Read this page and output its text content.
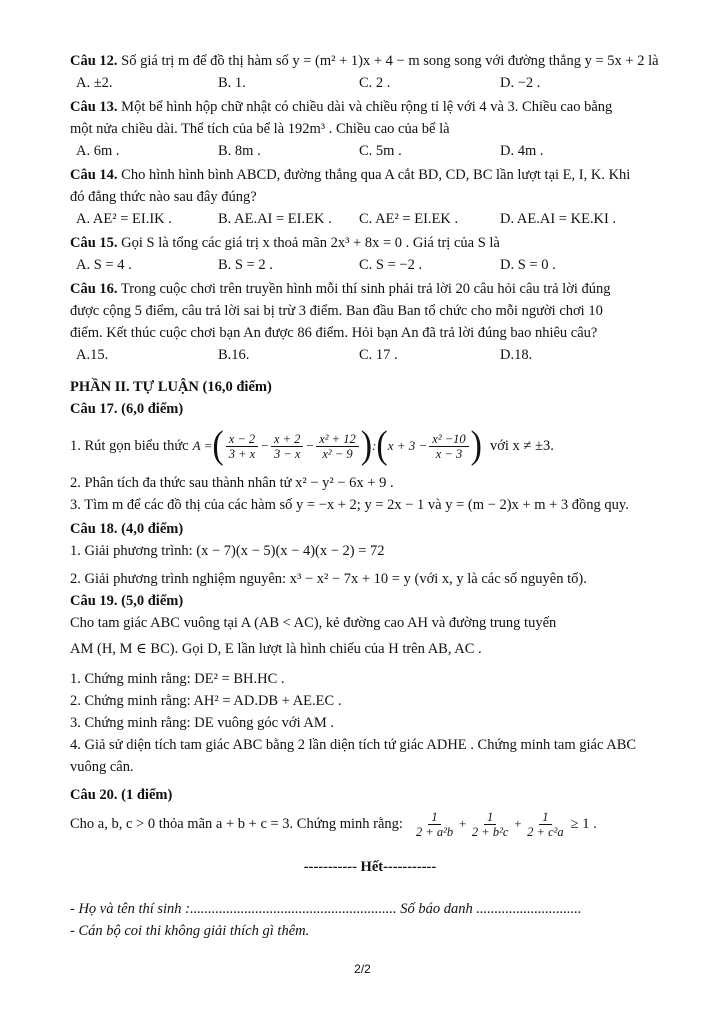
Câu 12. Số giá trị m để đồ thị hàm số y = (m² + 1)x + 4 − m song song với đường thẳng y = 5x + 2 là

A. ±2.	B. 1.	C. 2 .	D. −2 .

Câu 13. Một bể hình hộp chữ nhật có chiều dài và chiều rộng tỉ lệ với 4 và 3. Chiều cao bằng

một nửa chiều dài. Thể tích của bể là 192m³ . Chiều cao của bể là

A. 6m .	B. 8m .	C. 5m .	D. 4m .

Câu 14. Cho hình hình bình ABCD, đường thẳng qua A cắt BD, CD, BC lần lượt tại E, I, K. Khi

đó đẳng thức nào sau đây đúng?

A. AE² = EI.IK .	B. AE.AI = EI.EK .	C. AE² = EI.EK .	D. AE.AI = KE.KI .

Câu 15. Gọi S là tổng các giá trị x thoả mãn 2x³ + 8x = 0 . Giá trị của S là

A. S = 4 .	B. S = 2 .	C. S = −2 .	D. S = 0 .

Câu 16. Trong cuộc chơi trên truyền hình mỗi thí sinh phải trả lời 20 câu hỏi câu trả lời đúng

được cộng 5 điểm, câu trả lời sai bị trừ 3 điểm. Ban đầu Ban tổ chức cho mỗi người chơi 10

điểm. Kết thúc cuộc chơi bạn An được 86 điểm. Hỏi bạn An đã trả lời đúng bao nhiêu câu?

A.15.	B.16.	C. 17 .	D.18.

PHẦN II. TỰ LUẬN (16,0 điểm)

Câu 17. (6,0 điểm)

1. Rút gọn biểu thức A = ( $\frac{x - 2}{3 + x} - \frac{x + 2}{3 - x} - \frac{\text{x² + 12}}{\text{x² − 9}}$ ) : ( $x + 3 - \frac{\text{x² −10}}{x - 3}$ ) với x ≠ ±3.

2. Phân tích đa thức sau thành nhân tử x² − y² − 6x + 9 .

3. Tìm m để các đồ thị của các hàm số y = −x + 2; y = 2x − 1 và y = (m − 2)x + m + 3 đồng quy.

Câu 18. (4,0 điểm)

1. Giải phương trình: (x − 7)(x − 5)(x − 4)(x − 2) = 72

2. Giải phương trình nghiệm nguyên: x³ − x² − 7x + 10 = y (với x, y là các số nguyên tố).

Câu 19. (5,0 điểm)

Cho tam giác ABC vuông tại A (AB < AC), kẻ đường cao AH và đường trung tuyến

AM (H, M ∈ BC). Gọi D, E lần lượt là hình chiếu của H trên AB, AC .

1. Chứng minh rằng: DE² = BH.HC .

2. Chứng minh rằng: AH² = AD.DB + AE.EC .

3. Chứng minh rằng: DE vuông góc với AM .

4. Giả sử diện tích tam giác ABC bằng 2 lần diện tích tứ giác ADHE . Chứng minh tam giác ABC

vuông cân.

Câu 20. (1 điểm)

Cho a, b, c > 0 thỏa mãn a + b + c = 3. Chứng minh rằng: $\frac{1}{\text{2 + a²b}} + \frac{1}{\text{2 + b²c}} + \frac{1}{\text{2 + c²a}} \ge 1$ .

----------- Hết-----------

- Họ và tên thí sinh :......................................................... Số báo danh .............................

- Cán bộ coi thi không giải thích gì thêm.

2/2
